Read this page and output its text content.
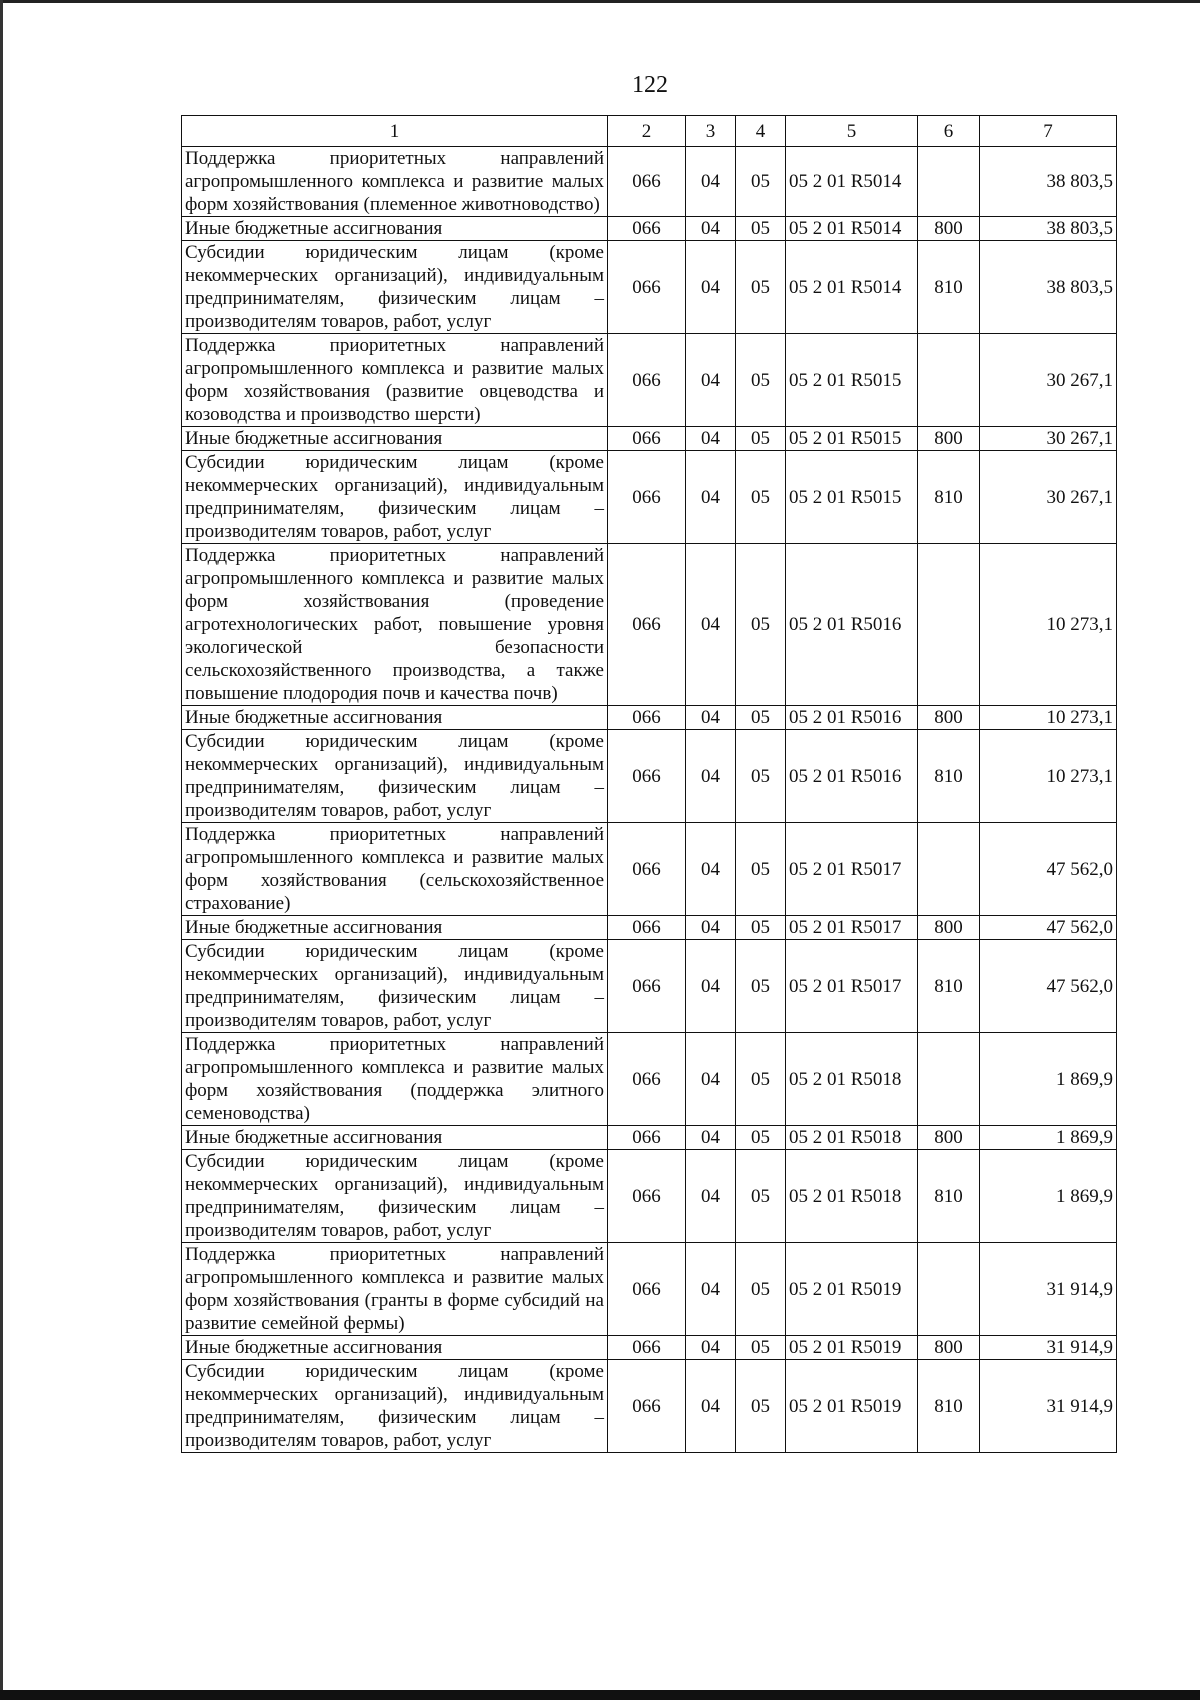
122
1	2	3	4	5	6	7
Поддержка приоритетных направлений агропромышленного комплекса и развитие малых форм хозяйствования (племенное животноводство)	066	04	05	05 2 01 R5014		38 803,5
Иные бюджетные ассигнования	066	04	05	05 2 01 R5014	800	38 803,5
Субсидии юридическим лицам (кроме некоммерческих организаций), индивидуальным предпринимателям, физическим лицам – производителям товаров, работ, услуг	066	04	05	05 2 01 R5014	810	38 803,5
Поддержка приоритетных направлений агропромышленного комплекса и развитие малых форм хозяйствования (развитие овцеводства и козоводства и производство шерсти)	066	04	05	05 2 01 R5015		30 267,1
Иные бюджетные ассигнования	066	04	05	05 2 01 R5015	800	30 267,1
Субсидии юридическим лицам (кроме некоммерческих организаций), индивидуальным предпринимателям, физическим лицам – производителям товаров, работ, услуг	066	04	05	05 2 01 R5015	810	30 267,1
Поддержка приоритетных направлений агропромышленного комплекса и развитие малых форм хозяйствования (проведение агротехнологических работ, повышение уровня экологической безопасности сельскохозяйственного производства, а также повышение плодородия почв и качества почв)	066	04	05	05 2 01 R5016		10 273,1
Иные бюджетные ассигнования	066	04	05	05 2 01 R5016	800	10 273,1
Субсидии юридическим лицам (кроме некоммерческих организаций), индивидуальным предпринимателям, физическим лицам – производителям товаров, работ, услуг	066	04	05	05 2 01 R5016	810	10 273,1
Поддержка приоритетных направлений агропромышленного комплекса и развитие малых форм хозяйствования (сельскохозяйственное страхование)	066	04	05	05 2 01 R5017		47 562,0
Иные бюджетные ассигнования	066	04	05	05 2 01 R5017	800	47 562,0
Субсидии юридическим лицам (кроме некоммерческих организаций), индивидуальным предпринимателям, физическим лицам – производителям товаров, работ, услуг	066	04	05	05 2 01 R5017	810	47 562,0
Поддержка приоритетных направлений агропромышленного комплекса и развитие малых форм хозяйствования (поддержка элитного семеноводства)	066	04	05	05 2 01 R5018		1 869,9
Иные бюджетные ассигнования	066	04	05	05 2 01 R5018	800	1 869,9
Субсидии юридическим лицам (кроме некоммерческих организаций), индивидуальным предпринимателям, физическим лицам – производителям товаров, работ, услуг	066	04	05	05 2 01 R5018	810	1 869,9
Поддержка приоритетных направлений агропромышленного комплекса и развитие малых форм хозяйствования (гранты в форме субсидий на развитие семейной фермы)	066	04	05	05 2 01 R5019		31 914,9
Иные бюджетные ассигнования	066	04	05	05 2 01 R5019	800	31 914,9
Субсидии юридическим лицам (кроме некоммерческих организаций), индивидуальным предпринимателям, физическим лицам – производителям товаров, работ, услуг	066	04	05	05 2 01 R5019	810	31 914,9
